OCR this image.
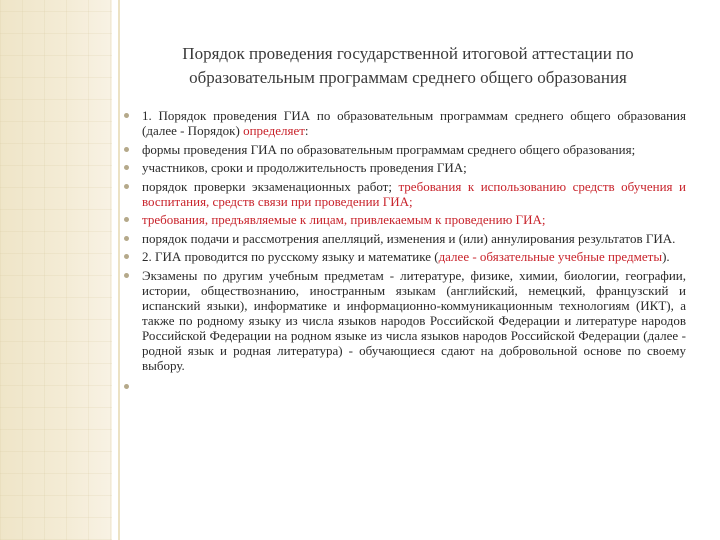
Порядок проведения государственной итоговой аттестации по образовательным программам среднего общего образования
1. Порядок проведения ГИА по образовательным программам среднего общего образования (далее - Порядок) определяет:
формы проведения ГИА по образовательным программам среднего общего образования;
участников, сроки и продолжительность проведения ГИА;
порядок проверки экзаменационных работ; требования к использованию средств обучения и воспитания, средств связи при проведении ГИА;
требования, предъявляемые к лицам, привлекаемым к проведению ГИА;
порядок подачи и рассмотрения апелляций, изменения и (или) аннулирования результатов ГИА.
2. ГИА проводится по русскому языку и математике (далее - обязательные учебные предметы).
Экзамены по другим учебным предметам - литературе, физике, химии, биологии, географии, истории, обществознанию, иностранным языкам (английский, немецкий, французский и испанский языки), информатике и информационно-коммуникационным технологиям (ИКТ), а также по родному языку из числа языков народов Российской Федерации и литературе народов Российской Федерации на родном языке из числа языков народов Российской Федерации (далее - родной язык и родная литература) - обучающиеся сдают на добровольной основе по своему выбору.
